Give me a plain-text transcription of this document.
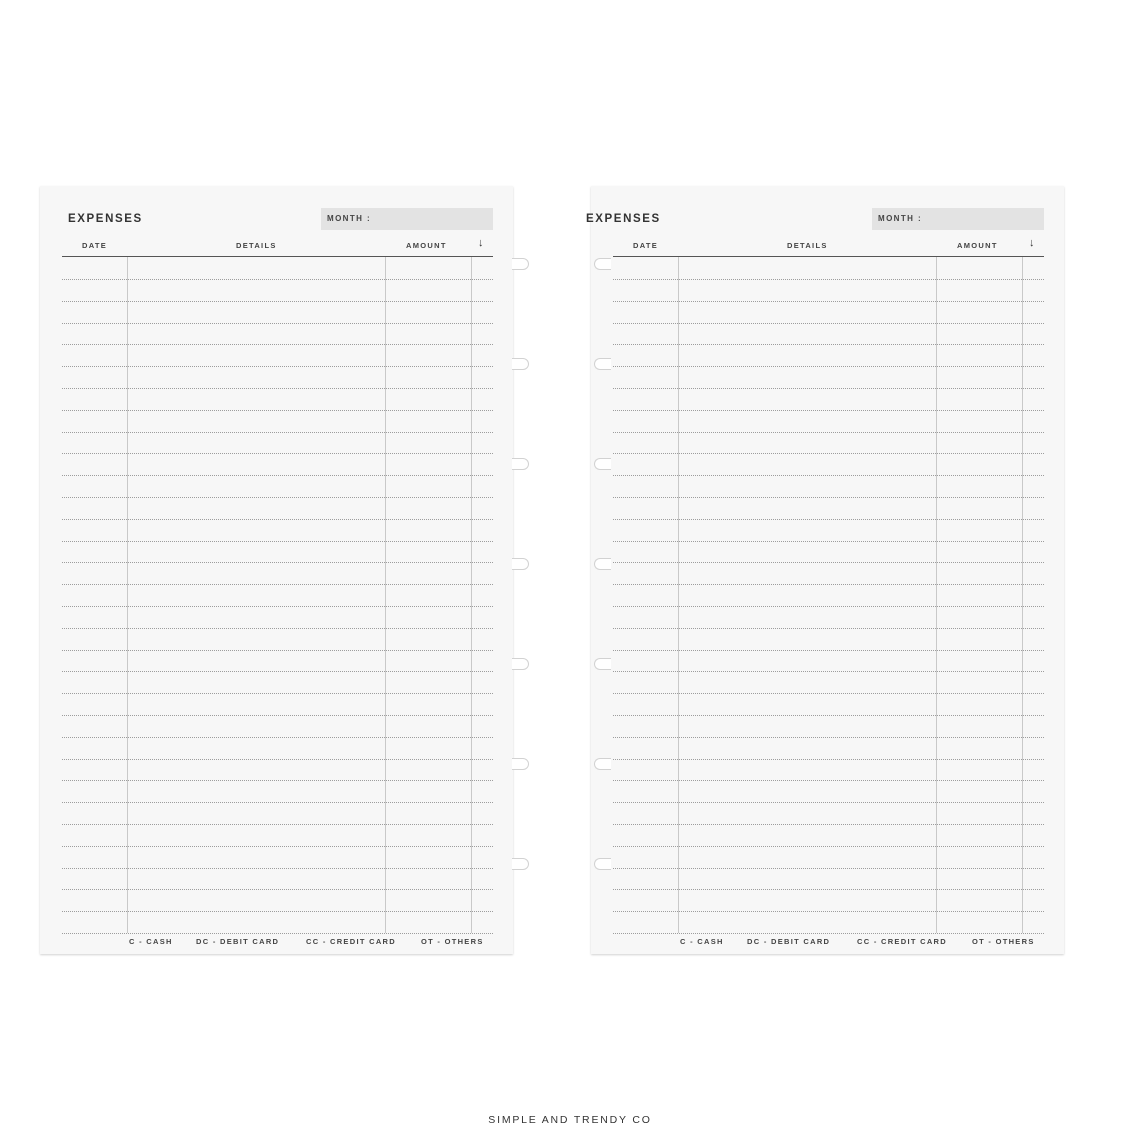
EXPENSES	MONTH :
DATE	DETAILS	AMOUNT	↓
C - CASH	DC - DEBIT CARD	CC - CREDIT CARD	OT - OTHERS
EXPENSES	MONTH :
DATE	DETAILS	AMOUNT	↓
C - CASH	DC - DEBIT CARD	CC - CREDIT CARD	OT - OTHERS
SIMPLE AND TRENDY CO
